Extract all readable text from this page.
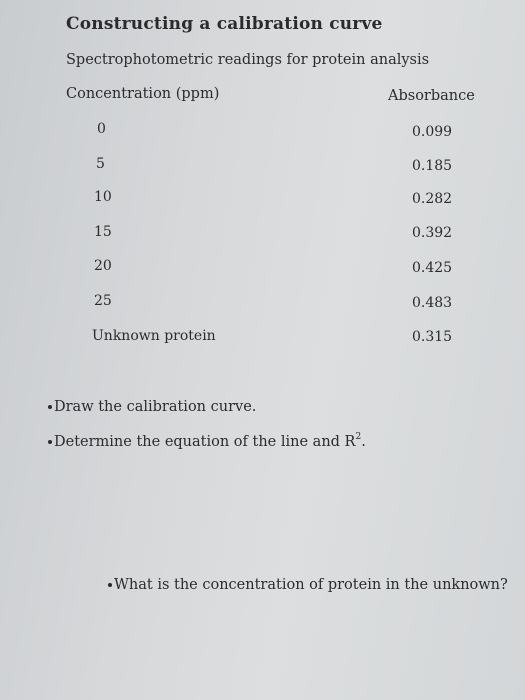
Constructing a calibration curve
Spectrophotometric readings for protein analysis
Concentration (ppm)	Absorbance
0	0.099
5	0.185
10	0.282
15	0.392
20	0.425
25	0.483
Unknown protein	0.315
Draw the calibration curve.
Determine the equation of the line and $R^2$.
What is the concentration of protein in the unknown?
